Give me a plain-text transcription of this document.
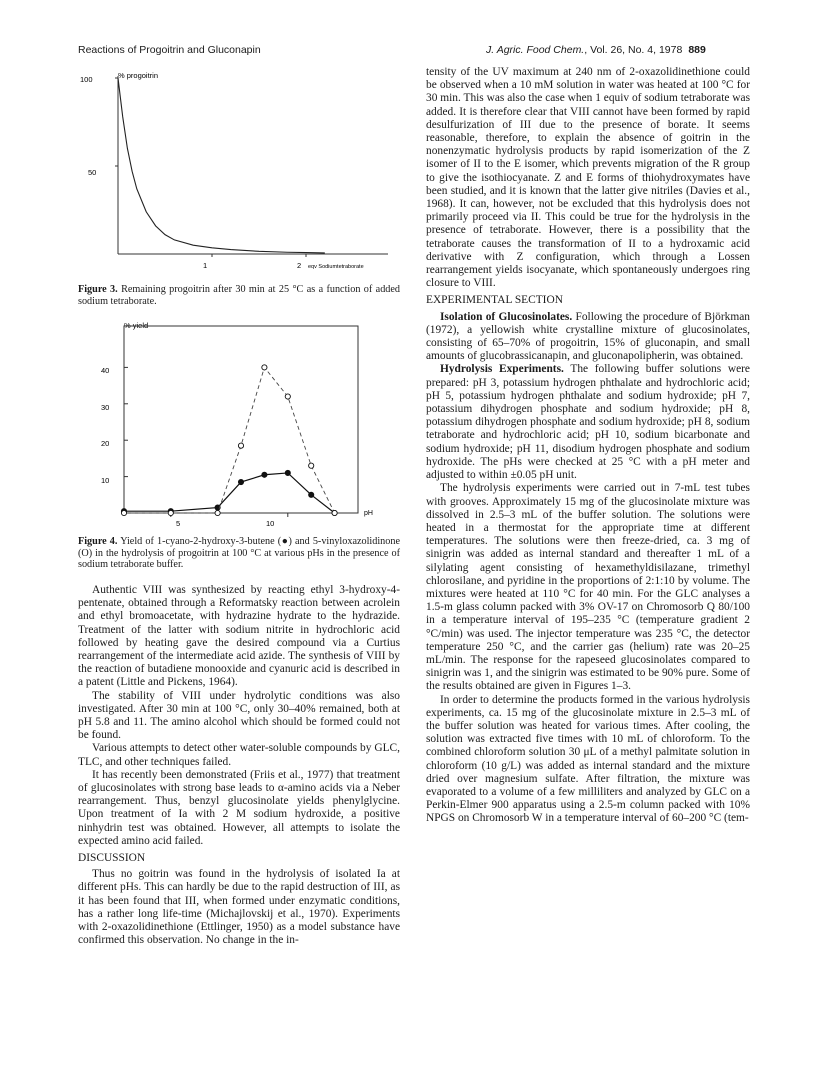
Reactions of Progoitrin and Gluconapin	J. Agric. Food Chem., Vol. 26, No. 4, 1978 889
% progoitrin
100
50
1	2 eqv Sodiumtetraborate
Figure 3. Remaining progoitrin after 30 min at 25 °C as a function of added sodium tetraborate.
% yield
40
30
20
10
5	10
pH
Figure 4. Yield of 1-cyano-2-hydroxy-3-butene (●) and 5-vinyloxazolidinone (O) in the hydrolysis of progoitrin at 100 °C at various pHs in the presence of sodium tetraborate buffer.

Authentic VIII was synthesized by reacting ethyl 3-hydroxy-4-pentenate, obtained through a Reformatsky reaction between acrolein and ethyl bromoacetate, with hydrazine hydrate to the hydrazide. Treatment of the latter with sodium nitrite in hydrochloric acid followed by heating gave the desired compound via a Curtius rearrangement of the intermediate acid azide. The synthesis of VIII by the reaction of butadiene monooxide and cyanuric acid is described in a patent (Little and Pickens, 1964).

The stability of VIII under hydrolytic conditions was also investigated. After 30 min at 100 °C, only 30–40% remained, both at pH 5.8 and 11. The amino alcohol which should be formed could not be found.

Various attempts to detect other water-soluble compounds by GLC, TLC, and other techniques failed.

It has recently been demonstrated (Friis et al., 1977) that treatment of glucosinolates with strong base leads to α-amino acids via a Neber rearrangement. Thus, benzyl glucosinolate yields phenylglycine. Upon treatment of Ia with 2 M sodium hydroxide, a positive ninhydrin test was obtained. However, all attempts to isolate the expected amino acid failed.

DISCUSSION

Thus no goitrin was found in the hydrolysis of isolated Ia at different pHs. This can hardly be due to the rapid destruction of III, as it has been found that III, when formed under enzymatic conditions, has a rather long life-time (Michajlovskij et al., 1970). Experiments with 2-oxazolidinethione (Ettlinger, 1950) as a model substance have confirmed this observation. No change in the in-

tensity of the UV maximum at 240 nm of 2-oxazolidinethione could be observed when a 10 mM solution in water was heated at 100 °C for 30 min. This was also the case when 1 equiv of sodium tetraborate was added. It is therefore clear that VIII cannot have been formed by rapid desulfurization of III due to the presence of borate. It seems reasonable, therefore, to explain the absence of goitrin in the nonenzymatic hydrolysis products by rapid isomerization of the Z isomer of II to the E isomer, which prevents migration of the R group to give the isothiocyanate. Z and E forms of thiohydroxymates have been studied, and it is known that the latter give nitriles (Davies et al., 1968). It can, however, not be excluded that this hydrolysis does not primarily proceed via II. This could be true for the hydrolysis in the presence of tetraborate. However, there is a possibility that the tetraborate causes the transformation of II to a hydroxamic acid derivative with Z configuration, which through a Lossen rearrangement yields isocyanate, which spontaneously undergoes ring closure to VIII.

EXPERIMENTAL SECTION

Isolation of Glucosinolates. Following the procedure of Björkman (1972), a yellowish white crystalline mixture of glucosinolates, consisting of 65–70% of progoitrin, 15% of gluconapin, and small amounts of glucobrassicanapin, and gluconapolipherin, was obtained.

Hydrolysis Experiments. The following buffer solutions were prepared: pH 3, potassium hydrogen phthalate and hydrochloric acid; pH 5, potassium hydrogen phthalate and sodium hydroxide; pH 7, potassium dihydrogen phosphate and sodium hydroxide; pH 8, potassium dihydrogen phosphate and sodium hydroxide; pH 8, sodium tetraborate and hydrochloric acid; pH 10, sodium bicarbonate and sodium hydroxide; pH 11, disodium hydrogen phosphate and sodium hydroxide. The pHs were checked at 25 °C with a pH meter and adjusted to within ±0.05 pH unit.

The hydrolysis experiments were carried out in 7-mL test tubes with grooves. Approximately 15 mg of the glucosinolate mixture was dissolved in 2.5–3 mL of the buffer solution. The solutions were heated in a thermostat for the appropriate time at different temperatures. The solutions were then freeze-dried, ca. 3 mg of sinigrin was added as internal standard and thereafter 1 mL of a silylating agent consisting of hexamethyldisilazane, trimethyl chlorosilane, and pyridine in the proportions of 2:1:10 by volume. The mixtures were heated at 110 °C for 40 min. For the GLC analyses a 1.5-m glass column packed with 3% OV-17 on Chromosorb Q 80/100 in a temperature interval of 195–235 °C (temperature gradient 2 °C/min) was used. The injector temperature was 235 °C, the detector temperature 250 °C, and the carrier gas (helium) rate was 20–25 mL/min. The response for the rapeseed glucosinolates compared to sinigrin was 1, and the sinigrin was estimated to be 90% pure. Some of the results obtained are given in Figures 1–3.

In order to determine the products formed in the various hydrolysis experiments, ca. 15 mg of the glucosinolate mixture in 2.5–3 mL of the buffer solution was heated for various times. After cooling, the solution was extracted five times with 10 mL of chloroform. To the combined chloroform solution 30 μL of a methyl palmitate solution in chloroform (10 g/L) was added as internal standard and the mixture dried over magnesium sulfate. After filtration, the mixture was evaporated to a volume of a few milliliters and analyzed by GLC on a Perkin-Elmer 900 apparatus using a 2.5-m column packed with 10% NPGS on Chromosorb W in a temperature interval of 60–200 °C (tem-
